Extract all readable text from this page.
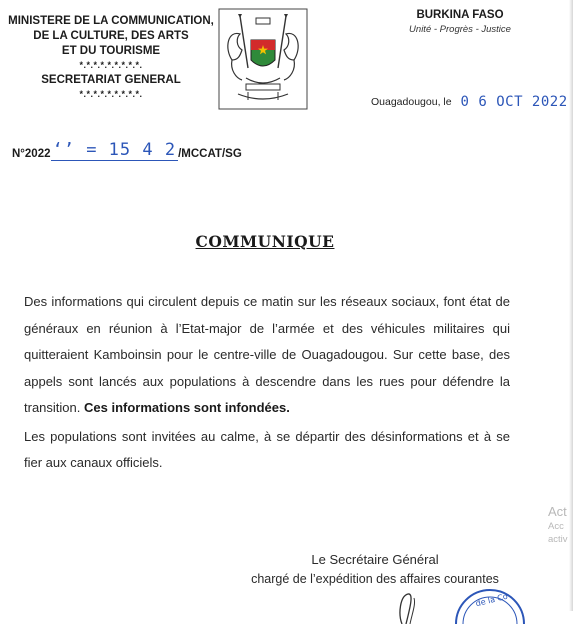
MINISTERE DE LA COMMUNICATION,
DE LA CULTURE, DES ARTS
ET DU TOURISME
*.*.*.*.*.*.*.*.*.
SECRETARIAT GENERAL
*.*.*.*.*.*.*.*.*.
BURKINA FASO
Unité - Progrès - Justice
Ouagadougou, le 0 6 OCT 2022
N°2022 ‘’ = 15 4 2 /MCCAT/SG
COMMUNIQUE

Des informations qui circulent depuis ce matin sur les réseaux sociaux, font état de généraux en réunion à l’Etat-major de l’armée et des véhicules militaires qui quitteraient Kamboinsin pour le centre-ville de Ouagadougou. Sur cette base, des appels sont lancés aux populations à descendre dans les rues pour défendre la transition. Ces informations sont infondées.

Les populations sont invitées au calme, à se départir des désinformations et à se fier aux canaux officiels.

Act
Acc
activ
Le Secrétaire Général
chargé de l’expédition des affaires courantes
de la Co
